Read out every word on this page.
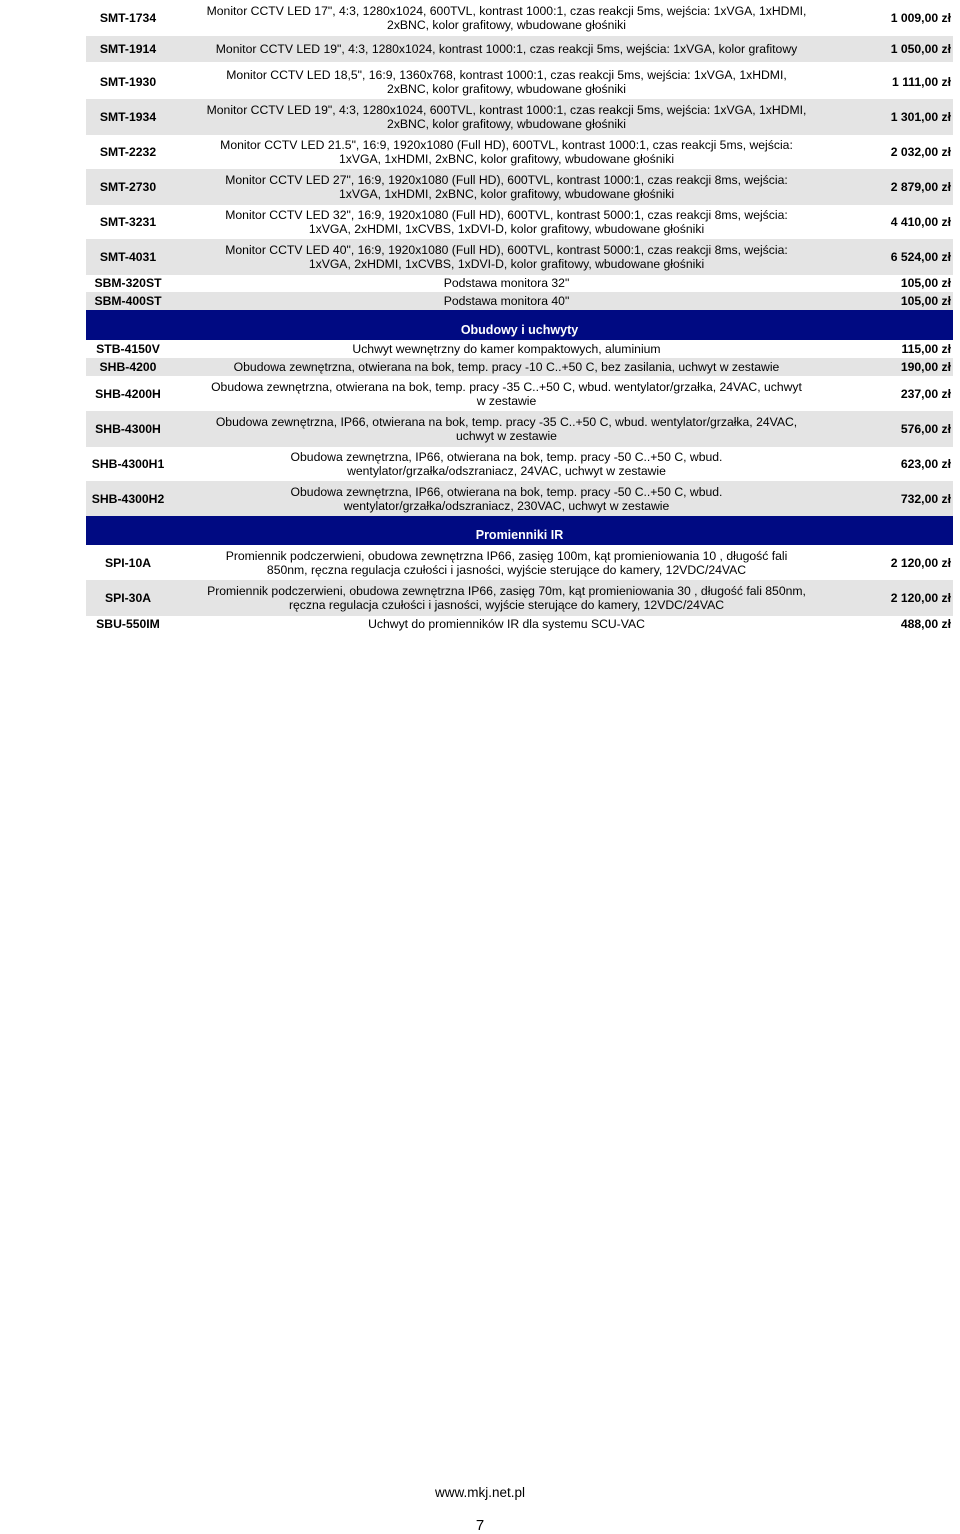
SMT-1734
Monitor CCTV LED 17", 4:3, 1280x1024, 600TVL, kontrast 1000:1, czas reakcji 5ms, wejścia: 1xVGA, 1xHDMI,
2xBNC, kolor grafitowy, wbudowane głośniki	1 009,00 zł
SMT-1914	Monitor CCTV LED 19", 4:3, 1280x1024, kontrast 1000:1, czas reakcji 5ms, wejścia: 1xVGA, kolor grafitowy	1 050,00 zł
SMT-1930
Monitor CCTV LED 18,5", 16:9, 1360x768, kontrast 1000:1, czas reakcji 5ms, wejścia: 1xVGA, 1xHDMI,
2xBNC, kolor grafitowy, wbudowane głośniki	1 111,00 zł
SMT-1934
Monitor CCTV LED 19", 4:3, 1280x1024, 600TVL, kontrast 1000:1, czas reakcji 5ms, wejścia: 1xVGA, 1xHDMI,
2xBNC, kolor grafitowy, wbudowane głośniki	1 301,00 zł
SMT-2232
Monitor CCTV LED 21.5", 16:9, 1920x1080 (Full HD), 600TVL, kontrast 1000:1, czas reakcji 5ms, wejścia:
1xVGA, 1xHDMI, 2xBNC, kolor grafitowy, wbudowane głośniki	2 032,00 zł
SMT-2730
Monitor CCTV LED 27", 16:9, 1920x1080 (Full HD), 600TVL, kontrast 1000:1, czas reakcji 8ms, wejścia:
1xVGA, 1xHDMI, 2xBNC, kolor grafitowy, wbudowane głośniki	2 879,00 zł
SMT-3231
Monitor CCTV LED 32", 16:9, 1920x1080 (Full HD), 600TVL, kontrast 5000:1, czas reakcji 8ms, wejścia:
1xVGA, 2xHDMI, 1xCVBS, 1xDVI-D, kolor grafitowy, wbudowane głośniki	4 410,00 zł
SMT-4031
Monitor CCTV LED 40", 16:9, 1920x1080 (Full HD), 600TVL, kontrast 5000:1, czas reakcji 8ms, wejścia:
1xVGA, 2xHDMI, 1xCVBS, 1xDVI-D, kolor grafitowy, wbudowane głośniki	6 524,00 zł
SBM-320ST	Podstawa monitora 32"	105,00 zł
SBM-400ST	Podstawa monitora 40"	105,00 zł
Obudowy i uchwyty
STB-4150V	Uchwyt wewnętrzny do kamer kompaktowych, aluminium	115,00 zł
SHB-4200	Obudowa zewnętrzna, otwierana na bok, temp. pracy -10 C..+50 C, bez zasilania, uchwyt w zestawie	190,00 zł
SHB-4200H
Obudowa zewnętrzna, otwierana na bok, temp. pracy -35 C..+50 C, wbud. wentylator/grzałka, 24VAC, uchwyt
w zestawie	237,00 zł
SHB-4300H
Obudowa zewnętrzna, IP66, otwierana na bok, temp. pracy -35 C..+50 C, wbud. wentylator/grzałka, 24VAC,
uchwyt w zestawie	576,00 zł
SHB-4300H1
Obudowa zewnętrzna, IP66, otwierana na bok, temp. pracy -50 C..+50 C, wbud.
wentylator/grzałka/odszraniacz, 24VAC, uchwyt w zestawie	623,00 zł
SHB-4300H2
Obudowa zewnętrzna, IP66, otwierana na bok, temp. pracy -50 C..+50 C, wbud.
wentylator/grzałka/odszraniacz, 230VAC, uchwyt w zestawie	732,00 zł
Promienniki IR
SPI-10A
Promiennik podczerwieni, obudowa zewnętrzna IP66, zasięg 100m, kąt promieniowania 10 , długość fali
850nm, ręczna regulacja czułości i jasności, wyjście sterujące do kamery, 12VDC/24VAC	2 120,00 zł
SPI-30A
Promiennik podczerwieni, obudowa zewnętrzna IP66, zasięg 70m, kąt promieniowania 30 , długość fali 850nm,
ręczna regulacja czułości i jasności, wyjście sterujące do kamery, 12VDC/24VAC	2 120,00 zł
SBU-550IM	Uchwyt do promienników IR dla systemu SCU-VAC	488,00 zł
www.mkj.net.pl
7
